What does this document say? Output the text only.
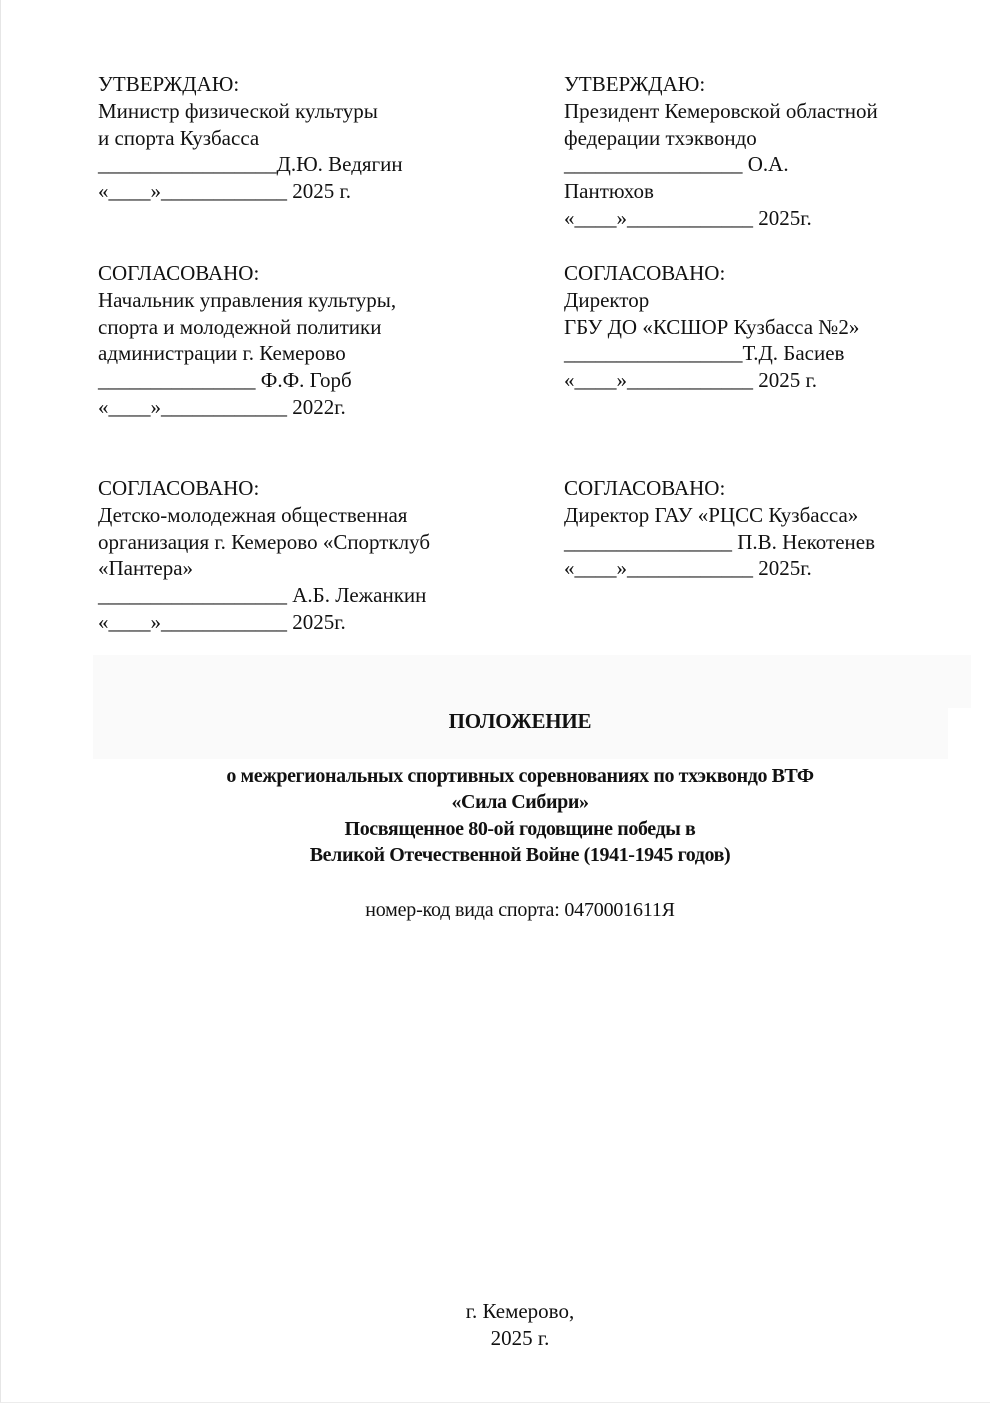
УТВЕРЖДАЮ:
Министр физической культуры
и спорта Кузбасса
_________________Д.Ю. Ведягин
«____»____________ 2025 г.
УТВЕРЖДАЮ:
Президент Кемеровской областной
федерации тхэквондо
_________________ О.А.
Пантюхов
«____»____________ 2025г.
СОГЛАСОВАНО:
Начальник управления культуры,
спорта и молодежной политики
администрации г. Кемерово
_______________ Ф.Ф. Горб
«____»____________ 2022г.
СОГЛАСОВАНО:
Директор
ГБУ ДО «КСШОР Кузбасса №2»
_________________Т.Д. Басиев
«____»____________ 2025 г.
СОГЛАСОВАНО:
Детско-молодежная общественная
организация г. Кемерово «Спортклуб
«Пантера»
__________________ А.Б. Лежанкин
«____»____________ 2025г.
СОГЛАСОВАНО:
Директор ГАУ «РЦСС Кузбасса»
________________ П.В. Некотенев
«____»____________ 2025г.
ПОЛОЖЕНИЕ
о межрегиональных спортивных соревнованиях по тхэквондо ВТФ
«Сила Сибири»
Посвященное 80-ой годовщине победы в
Великой Отечественной Войне (1941-1945 годов)
номер-код вида спорта: 0470001611Я
г. Кемерово,
2025 г.
